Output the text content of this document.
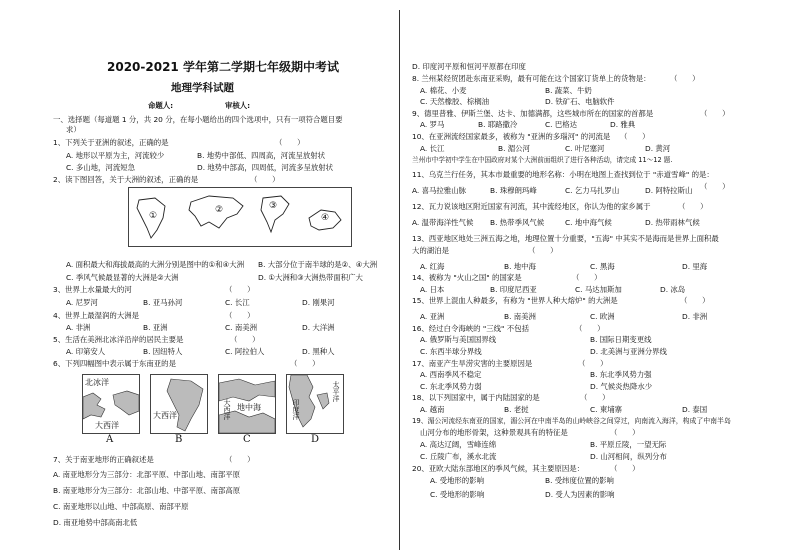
2020-2021 学年第二学期七年级期中考试
地理学科试题
命题人:	审核人:
一、选择题（每道题 1 分，共 20 分，在每小题给出的四个选项中，只有一项符合题目要
求）
1、下列关于亚洲的叙述，正确的是	（　　）
A. 地形以平原为主，河流较少	B. 地势中部低、四周高，河流呈放射状
C. 多山地，河流短急	D. 地势中部高，四周低，河流多呈放射状
2、读下图回答，关于大洲的叙述，正确的是	（　　）
①
②	③
④
A. 面积最大和海拔最高的大洲分别是图中的①和④大洲 B. 大部分位于南半球的是②、④大洲
C. 季风气候最显著的大洲是②大洲	D. ①大洲和③大洲热带面积广大
3、世界上水量最大的河	（　　）
A. 尼罗河	B. 亚马孙河	C. 长江	D. 刚果河
4、世界上最湿润的大洲是	（　　）
A. 非洲	B. 亚洲	C. 南美洲	D. 大洋洲
5、生活在美洲北冰洋沿岸的居民主要是	（　　）
A. 印第安人	B. 因纽特人	C. 阿拉伯人	D. 黑种人
6、下列四幅图中表示属于东南亚的是	（　　）
北冰洋
大西洋
大西洋	大西洋 地中海
太平洋
印度洋
A	B	C	D
7、关于南亚地形的正确叙述是	（　　）
A. 南亚地形分为三部分：北部平原、中部山地、南部平原
B. 南亚地形分为三部分：北部山地、中部平原、南部高原
C. 南亚地形以山地、中部高原、南部平原
D. 南亚地势中部高南北低
D. 印度河平原和恒河平原都在印度
8. 兰州某经贸团赴东南亚采购，最有可能在这个国家订货单上的货物是：	（　　）
A. 棉花、小麦	B. 蔬菜、牛奶
C. 天然橡胶、棕榈油	D. 铁矿石、电脑软件
9、德里普雅、伊斯兰堡、达卡、加德满都，这些城市所在的国家的首都是	（　　）
A. 罗马	B. 耶路撒冷	C. 巴格达	D. 雅典
10、在亚洲流经国家最多，被称为 "亚洲的多瑙河" 的河流是 （　　）
A. 长江	B. 湄公河	C. 叶尼塞河	D. 黄河
兰州市中学初中学生在中国政府对某个大洲前面组织了进行各种活动，请完成 11～12 题.
11、乌克兰行任务，其本市最重要的地形名称：小明在地图上查找到位于 "赤道雪峰" 的是：
（　　）
A. 喜马拉雅山脉	B. 珠穆朗玛峰	C. 乞力马扎罗山	D. 阿特拉斯山
12、瓦力说该地区附近国家有河流，其中流经地区，你认为他的家乡属于	（　　）
A. 温带海洋性气候 B. 热带季风气候	C. 地中海气候	D. 热带雨林气候
13、西亚地区地处三洲五海之地，地理位置十分重要，"五海" 中其实不是海而是世界上面积最
大的湖泊是	（　　）
A. 红海	B. 地中海	C. 黑海	D. 里海
14、被称为 "火山之国" 的国家是	（　　）
A. 日本	B. 印度尼西亚	C. 马达加斯加	D. 冰岛
15、世界上混血人种最多，有称为 "世界人种大熔炉" 的大洲是	（　　）
A. 亚洲	B. 南美洲	C. 欧洲	D. 非洲
16、经过白令海峡的 "三线" 不包括	（　　）
A. 俄罗斯与美国国界线	B. 国际日期变更线
C. 东西半球分界线	D. 北美洲与亚洲分界线
17、南亚产生旱涝灾害的主要原因是	（　　）
A. 西南季风不稳定	B. 东北季风势力强
C. 东北季风势力弱	D. 气候炎热降水少
18、以下列国家中，属于内陆国家的是	（　　）
A. 越南	B. 老挝	C. 柬埔寨	D. 泰国
19、湄公河流经东南亚的国家，湄公河在中南半岛的山岭峡谷之间穿过，向南流入海洋，构成了中南半岛
山河分布的地形骨架，这种景观具有的特征是	（　　）
A. 高达辽阔，雪峰连绵	B. 平原丘陵，一望无际
C. 丘陵广布，溪水北流	D. 山河相间，纵列分布
20、亚欧大陆东部地区的季风气候，其主要原因是：	（　　）
A. 受地形的影响	B. 受纬度位置的影响
C. 受地形的影响	D. 受人为因素的影响
